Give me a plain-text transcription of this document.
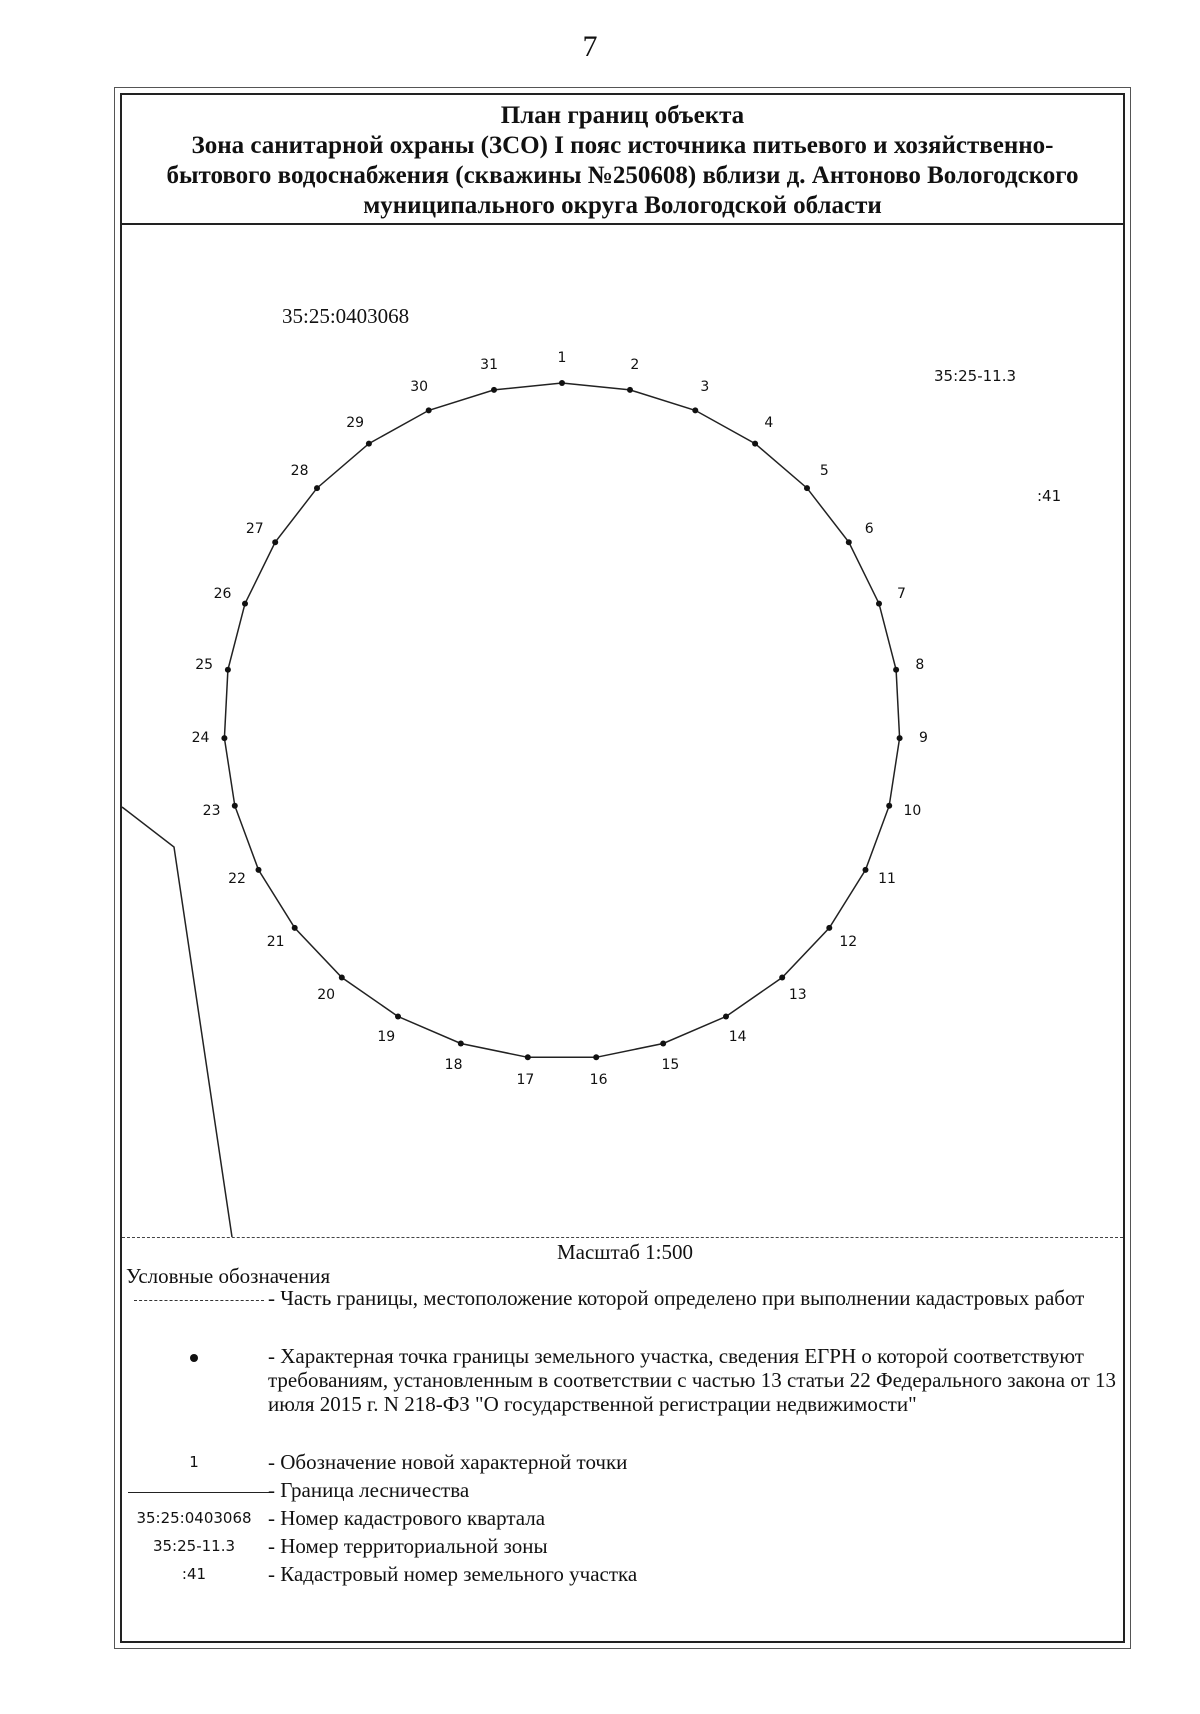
7
План границ объекта
Зона санитарной охраны (ЗСО) I пояс источника питьевого и хозяйственно-
бытового водоснабжения (скважины №250608) вблизи д. Антоново Вологодского
муниципального округа Вологодской области
35:25:0403068
35:25-11.3
:41
1	2
3
4
5
6
7
8
9
10
11
12
13
14
15
16
17
18
19
20
21
22
23
24
25
26
27
28
29
30
31
Масштаб 1:500
Условные обозначения
- Часть границы, местоположение которой определено при выполнении кадастровых работ
- Характерная точка границы земельного участка, сведения ЕГРН о которой соответствуют требованиям, установленным в соответствии с частью 13 статьи 22 Федерального закона от 13 июля 2015 г. N 218-ФЗ "О государственной регистрации недвижимости"
1	- Обозначение новой характерной точки
- Граница лесничества
35:25:0403068 - Номер кадастрового квартала
35:25-11.3	- Номер территориальной зоны
:41	- Кадастровый номер земельного участка
